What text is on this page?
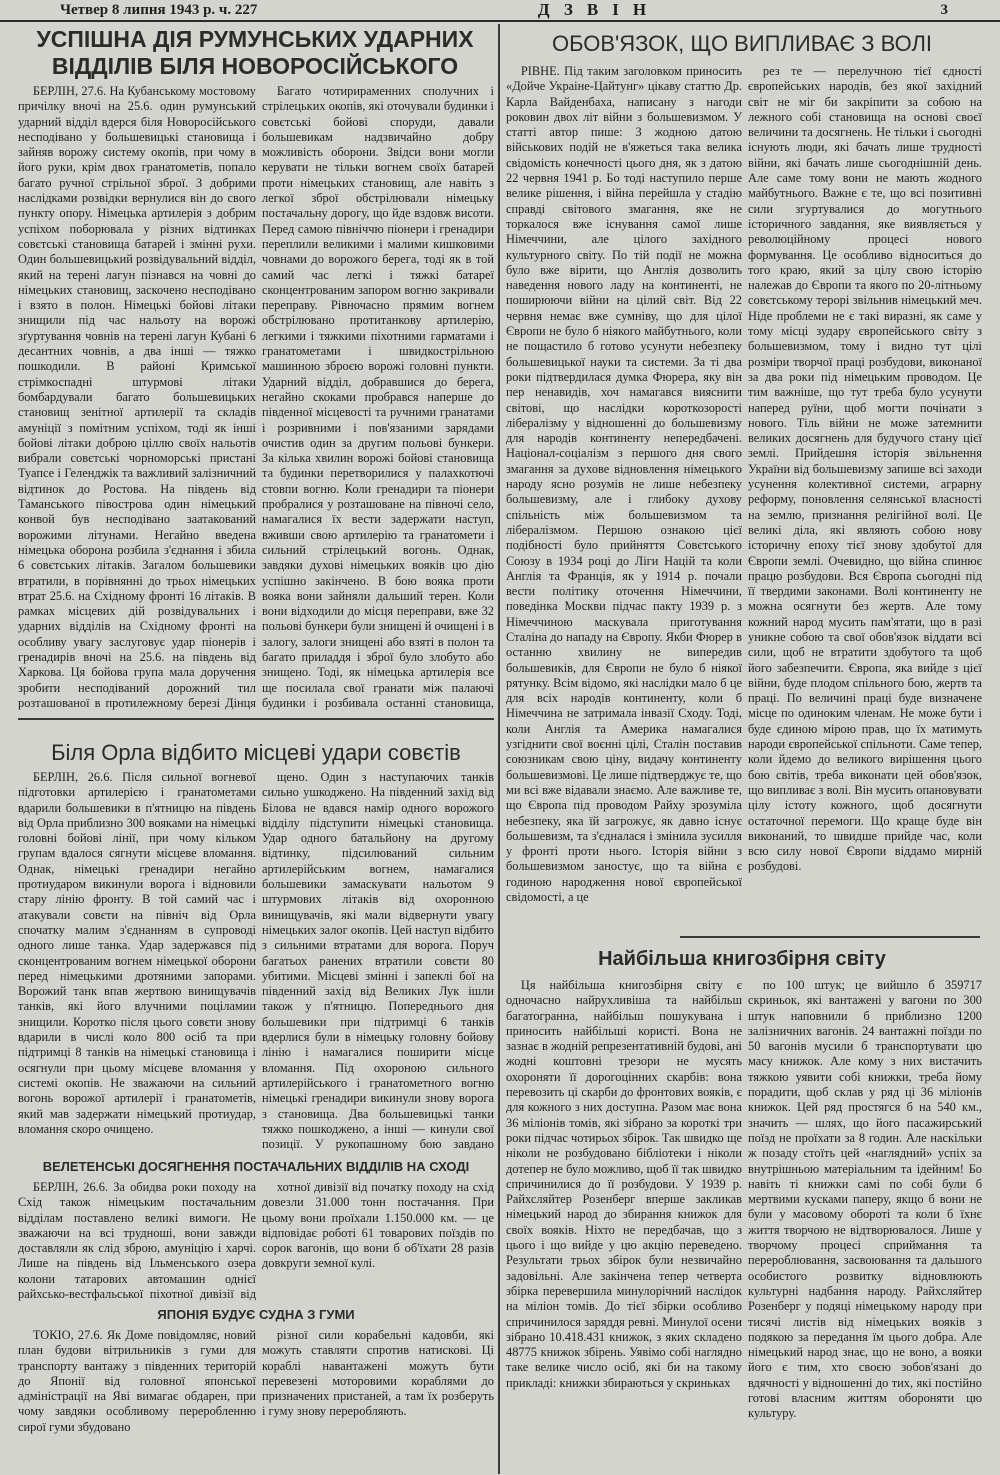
Четвер 8 липня 1943 р. ч. 227	ДЗВІН	3
УСПІШНА ДІЯ РУМУНСЬКИХ УДАРНИХ ВІДДІЛІВ БІЛЯ НОВОРОСІЙСЬКОГО

БЕРЛІН, 27.6. На Кубанському мостовому причілку вночі на 25.6. один румунський ударний відділ вдерся біля Новоросійського несподівано у большевицькі становища і зайняв ворожу систему окопів, при чому в його руки, крім двох гранатометів, попало багато ручної стрільної зброї. З добрими наслідками розвідки вернулися він до свого пункту опору. Німецька артилерія з добрим успіхом поборювала у різних відтинках совєтські становища батарей і змінні рухи. Один большевицький розвідувальний відділ, який на терені лагун пізнався на човні до німецьких становищ, заскочено несподівано і взято в полон. Німецькі бойові літаки знищили під час нальоту на ворожі зґуртування човнів на терені лагун Кубані 6 десантних човнів, а два інші — тяжко пошкодили. В районі Кримської стрімкоспадні штурмові літаки бомбардували багато большевицьких становищ зенітної артилерії та складів амуніції з помітним успіхом, тоді як інші бойові літаки доброю ціллю своїх нальотів вибрали совєтські чорноморські пристані Туапсе і Геленджік та важливий залізничний відтинок до Ростова. На південь від Таманського півострова один німецький конвой був несподівано заатакований ворожими літунами. Негайно введена німецька оборона розбила з'єднання і збила 6 совєтських літаків. Загалом большевики втратили, в порівнянні до трьох німецьких втрат 25.6. на Східному фронті 16 літаків. В рамках місцевих дій розвідувальних і ударних відділів на Східному фронті на особливу увагу заслуговує удар піонерів і гренадирів вночі на 25.6. на південь від Харкова. Ця бойова група мала доручення зробити несподіваний дорожний тил розташованої в протилежному березі Дінця

Багато чотирираменних сполучних і стрілецьких окопів, які оточували будинки і совєтські бойові споруди, давали большевикам надзвичайно добру можливість оборони. Звідси вони могли керувати не тільки вогнем своїх батарей проти німецьких становищ, але навіть з легкої зброї обстрілювали німецьку постачальну дорогу, що йде вздовж висоти. Перед самою північчю піонери і гренадири переплили великими і малими кишковими човнами до ворожого берега, тоді як в той самий час легкі і тяжкі батареї сконцентрованим запором вогню закривали переправу. Рівночасно прямим вогнем обстрілювано протитанкову артилерію, легкими і тяжкими піхотними гарматами і гранатометами і швидкострільною машинною зброєю ворожі головні пункти. Ударний відділ, добравшися до берега, негайно скоками пробрався наперше до південної місцевості та ручними гранатами і розривними і пов'язаними зарядами очистив один за другим польові бункери. За кілька хвилин ворожі бойові становища та будинки перетворилися у палахкотючі стовпи вогню. Коли гренадири та піонери пробралися у розташоване на півночі село, намагалися їх вести задержати наступ, вживши свою артилерію та гранатомети і сильний стрілецький вогонь. Однак, завдяки духові німецьких вояків цю дію успішно закінчено. В бою вояка проти вояка вони зайняли дальший терен. Коли вони відходили до місця переправи, вже 32 польові бункери були знищені й очищені і в залогу, залоги знищені або взяті в полон та багато приладдя і зброї було злобуто або знищено. Тоді, як німецька артилерія все ще посилала свої гранати між палаючі будинки і розбивала останні становища,

Біля Орла відбито місцеві удари совєтів

БЕРЛІН, 26.6. Після сильної вогневої підготовки артилерією і гранатометами вдарили большевики в п'ятницю на південь від Орла приблизно 300 вояками на німецькі головні бойові лінії, при чому кільком групам вдалося сягнути місцеве вломання. Однак, німецькі гренадири негайно протиударом викинули ворога і відновили стару лінію фронту. В той самий час і атакували совєти на північ від Орла спочатку малим з'єднанням в супроводі одного лише танка. Удар задержався під сконцентрованим вогнем німецької оборони перед німецькими дротяними запорами. Ворожий танк впав жертвою винищувачів танків, які його влучними поціламии знищили. Коротко після цього совєти знову вдарили в числі коло 800 осіб та при підтримці 8 танків на німецькі становища і осягнули при цьому місцеве вломання у системі окопів. Не зважаючи на сильний вогонь ворожої артилерії і гранатометів, який мав задержати німецький протиудар, вломання скоро очищено.

щено. Один з наступаючих танків сильно ушкоджено. На південний захід від Білова не вдався намір одного ворожого відділу підступити німецькі становища. Удар одного батальйону на другому відтинку, підсилюваний сильним артилерійським вогнем, намагалися большевики замаскувати нальотом 9 штурмових літаків від охоронною винищувачів, які мали відвернути увагу німецьких залог окопів. Цей наступ відбито з сильними втратами для ворога. Поруч багатьох ранених втратили совєти 80 убитими. Місцеві змінні і запеклі бої на південний захід від Великих Лук ішли також у п'ятницю. Попереднього дня большевики при підтримці 6 танків вдерлися були в німецьку головну бойову лінію і намагалися поширити місце вломання. Під охороною сильного артилерійського і гранатометного вогню німецькі гренадири викинули знову ворога з становища. Два большевицькі танки тяжко пошкоджено, а інші — кинули свої позиції. У рукопашному бою завдано

ВЕЛЕТЕНСЬКІ ДОСЯГНЕННЯ ПОСТАЧАЛЬНИХ ВІДДІЛІВ НА СХОДІ

БЕРЛІН, 26.6. За обидва роки походу на Схід також німецьким постачальним відділам поставлено великі вимоги. Не зважаючи на всі трудноші, вони завжди доставляли як слід зброю, амуніцію і харчі. Лише на південь від Ільменського озера колони татарових автомашин однієї райхсько-вестфальської піхотної дивізії від

хотної дивізії від початку походу на схід довезли 31.000 тонн постачання. При цьому вони проїхали 1.150.000 км. — це відповідає роботі 61 товарових поїздів по сорок вагонів, що вони б об'їхати 28 разів довкруги земної кулі.

ЯПОНІЯ БУДУЄ СУДНА З ГУМИ

ТОКІО, 27.6. Як Доме повідомляє, новий план будови вітрильників з гуми для транспорту вантажу з південних територій до Японії від головної японської адміністрації на Яві вимагає обдарен, при чому завдяки особливому переробленню сирої гуми збудовано

різної сили корабельні кадовби, які можуть ставляти спротив натискові. Ці кораблі навантажені можуть бути перевезені моторовими кораблями до призначених пристаней, а там їх розберуть і гуму знову переробляють.

ОБОВ'ЯЗОК, ЩО ВИПЛИВАЄ З ВОЛІ

РІВНЕ. Під таким заголовком приносить «Дойче Украіне-Цайтунг» цікаву статтю Др. Карла Вайденбаха, написану з нагоди роковин двох літ війни з большевизмом. У статті автор пише: З жодною датою військових подій не в'яжеться така велика свідомість конечності цього дня, як з датою 22 червня 1941 р. Бо тоді наступило перше велике рішення, і війна перейшла у стадію справді світового змагання, яке не торкалося вже існування самої лише Німеччини, але цілого західного культурного світу. По тій події не можна було вже вірити, що Англія дозволить наведення нового ладу на континенті, не поширюючи війни на цілий світ. Від 22 червня немає вже сумніву, що для цілої Європи не було б ніякого майбутнього, коли не пощастило б готово усунути небезпеку большевицької науки та системи. За ті два роки підтвердилася думка Фюрера, яку він пер ненавидів, хоч намагався вияснити світові, що наслідки короткозорості лібералізму у відношенні до большевизму для народів континенту непередбачені. Націонал-соціалізм з першого дня свого змагання за духове відновлення німецького народу ясно розумів не лише небезпеку большевизму, але і глибоку духову спільність між большевизмом та лібералізмом. Першою ознакою цієї подібності було прийняття Совєтського Союзу в 1934 році до Ліги Націй та коли Англія та Франція, як у 1914 р. почали вести політику оточення Німеччини, поведінка Москви підчас пакту 1939 р. з Німеччиною маскувала приготування Сталіна до нападу на Європу. Якби Фюрер в останню хвилину не випередив большевиків, для Європи не було б ніякої рятунку. Всім відомо, які наслідки мало б це для всіх народів континенту, коли б Німеччина не затримала інвазії Сходу. Тоді, коли Англія та Америка намагалися узгіднити свої воєнні цілі, Сталін поставив союзникам свою ціну, видачу континенту большевизмові. Це лише підтверджує те, що ми всі вже відавали знаємо. Але важливе те, що Європа під проводом Райху зрозуміла небезпеку, яка їй загрожує, як давно існує большевизм, та з'єдналася і змінила зусилля у фронті проти нього. Історія війни з большевизмом заностує, що та війна є годиною народження нової європейської свідомості, а це

рез те — перелучною тієї єдності європейських народів, без якої західний світ не міг би закріпити за собою на лежного собі становища на основі своєї величини та досягнень. Не тільки і сьогодні існують люди, які бачать лише трудності війни, які бачать лише сьогоднішній день. Але саме тому вони не мають жодного майбутнього. Важне є те, що всі позитивні сили згуртувалися до могутнього історичного завдання, яке виявляється у революційному процесі нового формування. Це особливо відноситься до того краю, який за цілу свою історію належав до Європи та якого по 20-літньому совєтському терорі звільнив німецький меч. Ніде проблеми не є такі виразні, як саме у тому місці зудару європейського світу з большевизмом, тому і видно тут цілі розміри творчої праці розбудови, виконаної за два роки під німецьким проводом. Це тим важніше, що тут треба було усунути наперед руїни, щоб могти почінати з нового. Тіль війни не може затемнити великих досягнень для будучого стану цієї землі. Прийдешня історія звільнення України від большевизму запише всі заходи усунення колективної системи, аграрну реформу, поновлення селянської власності на землю, признання релігійної волі. Це великі діла, які являють собою нову історичну епоху тієї знову здобутої для Європи землі. Очевидно, що війна спинює працю розбудови. Вся Європа сьогодні під її твердими законами. Волі континенту не можна осягнути без жертв. Але тому кожний народ мусить пам'ятати, що в разі уникне собою та свої обов'язок віддати всі сили, щоб не втратити здобутого та щоб його забезпечити. Європа, яка вийде з цієї війни, буде плодом спільного бою, жертв та праці. По величині праці буде визначене місце по одиноким членам. Не може бути і буде єдиною мірою прав, що їх матимуть народи європейської спільноти. Саме тепер, коли йдемо до великого вирішення цього бою світів, треба виконати цей обов'язок, що випливає з волі. Він мусить опановувати цілу істоту кожного, щоб досягнути остаточної перемоги. Що краще буде він виконаний, то швидше прийде час, коли всю силу нової Європи віддамо мирній розбудові.

Найбільша книгозбірня світу

Ця найбільша книгозбірня світу є одночасно найрухливіша та найбільш багатогранна, найбільш пошукувана і приносить найбільші користі. Вона не зазнає в жодній репрезентативній будові, ані жодні коштовні трезори не мусять охороняти її дорогоцінних скарбів: вона перевозить ці скарби до фронтових вояків, є для кожного з них доступна. Разом має вона 36 міліонів томів, які зібрано за короткі три роки підчас чотирьох збірок. Так швидко ще ніколи не розбудовано бібліотеки і ніколи дотепер не було можливо, щоб її так швидко спричинилися до її розбудови. У 1939 р. Райхсляйтер Розенберг вперше закликав німецький народ до збирання книжок для своїх вояків. Ніхто не передбачав, що з цього і що вийде у цю акцію переведено. Результати трьох збірок були незвичайно задовільні. Але закінчена тепер четверта збірка перевершила минулорічний наслідок на міліон томів. До тієї збірки особливо спричинилося заряддя ревні. Минулої осени зібрано 10.418.431 книжок, з яких складено 48775 книжок збірень. Уявімо собі наглядно таке велике число осіб, які би на такому прикладі: книжки збираються у скриньках

по 100 штук; це вийшло б 359717 скриньок, які вантажені у вагони по 300 штук наповнили б приблизно 1200 залізничних вагонів. 24 вантажні поїзди по 50 вагонів мусили б транспортувати цю масу книжок. Але кому з них вистачить тяжкою уявити собі книжки, треба йому порадити, щоб склав у ряд ці 36 міліонів книжок. Цей ряд простягся б на 540 км., значить — шлях, що його пасажирський поїзд не проїхати за 8 годин. Але наскільки ж позаду стоїть цей «наглядний» успіх за внутрішньою матеріальним та ідейним! Бо навіть ті книжки самі по собі були б мертвими кусками паперу, якщо б вони не були у масовому обороті та коли б їхнє життя творчою не відтворювалося. Лише у творчому процесі сприймання та перероблювання, засвоювання та дальшого особистого розвитку відновлюють культурні надбання народу. Райхсляйтер Розенберг у подяці німецькому народу при тисячі листів від німецьких вояків з подякою за передання їм цього добра. Але німецький народ знає, що не воно, а вояки його є тим, хто своєю зобов'язані до вдячності у відношенні до тих, які постійно готові власним життям обороняти цю культуру.
